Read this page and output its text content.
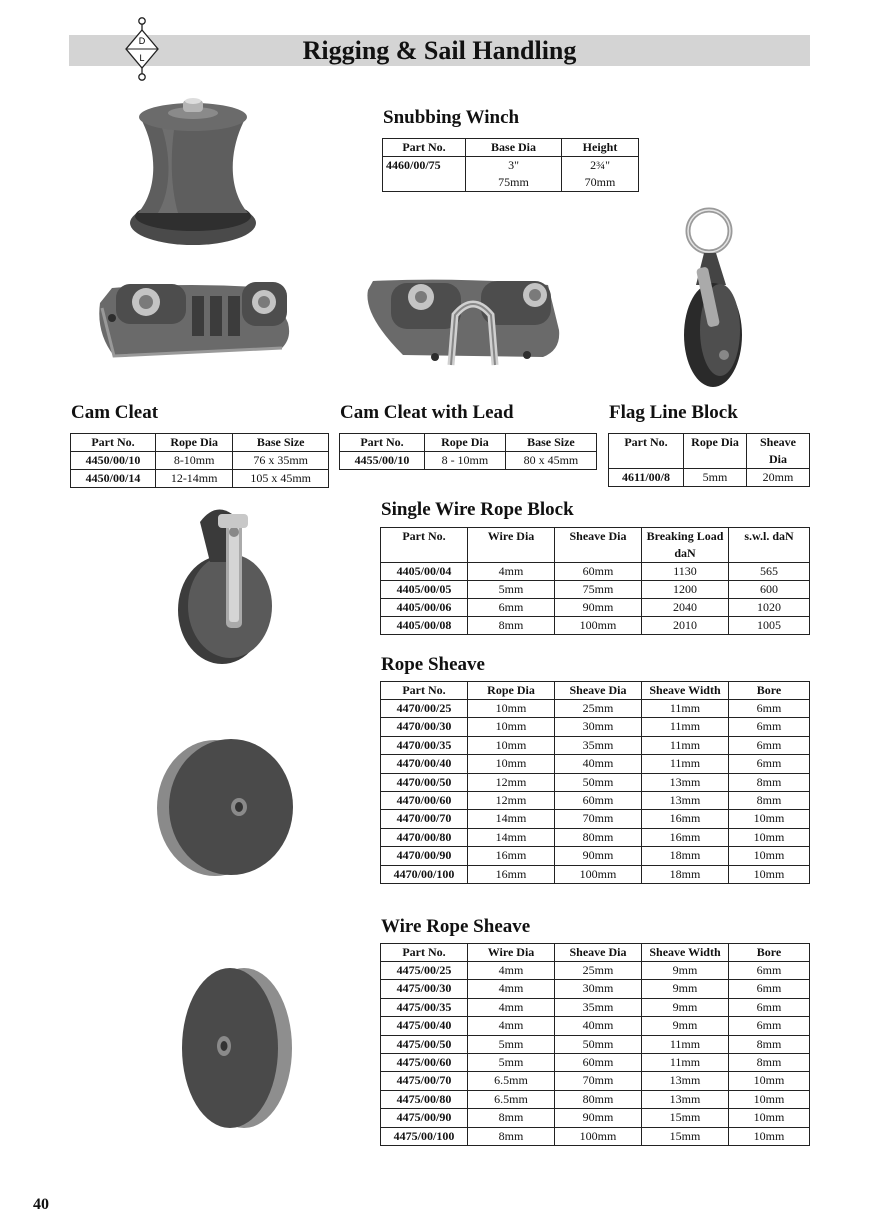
Rigging & Sail Handling
D
L
Snubbing Winch
Part No.	Base Dia	Height
4460/00/75	3"	2¾"
	75mm	70mm
Cam Cleat
Part No.	Rope Dia	Base Size
4450/00/10	8-10mm	76 x 35mm
4450/00/14	12-14mm	105 x 45mm
Cam Cleat with Lead
Part No.	Rope Dia	Base Size
4455/00/10	8 - 10mm	80 x 45mm
Flag Line Block
Part No.	Rope Dia	Sheave Dia
4611/00/8	5mm	20mm
Single Wire Rope Block
Part No.	Wire Dia	Sheave Dia	Breaking Load daN	s.w.l. daN
4405/00/04	4mm	60mm	1130	565
4405/00/05	5mm	75mm	1200	600
4405/00/06	6mm	90mm	2040	1020
4405/00/08	8mm	100mm	2010	1005
Rope Sheave
Part No.	Rope Dia	Sheave Dia	Sheave Width	Bore
4470/00/25	10mm	25mm	11mm	6mm
4470/00/30	10mm	30mm	11mm	6mm
4470/00/35	10mm	35mm	11mm	6mm
4470/00/40	10mm	40mm	11mm	6mm
4470/00/50	12mm	50mm	13mm	8mm
4470/00/60	12mm	60mm	13mm	8mm
4470/00/70	14mm	70mm	16mm	10mm
4470/00/80	14mm	80mm	16mm	10mm
4470/00/90	16mm	90mm	18mm	10mm
4470/00/100	16mm	100mm	18mm	10mm
Wire Rope Sheave
Part No.	Wire Dia	Sheave Dia	Sheave Width	Bore
4475/00/25	4mm	25mm	9mm	6mm
4475/00/30	4mm	30mm	9mm	6mm
4475/00/35	4mm	35mm	9mm	6mm
4475/00/40	4mm	40mm	9mm	6mm
4475/00/50	5mm	50mm	11mm	8mm
4475/00/60	5mm	60mm	11mm	8mm
4475/00/70	6.5mm	70mm	13mm	10mm
4475/00/80	6.5mm	80mm	13mm	10mm
4475/00/90	8mm	90mm	15mm	10mm
4475/00/100	8mm	100mm	15mm	10mm
40
